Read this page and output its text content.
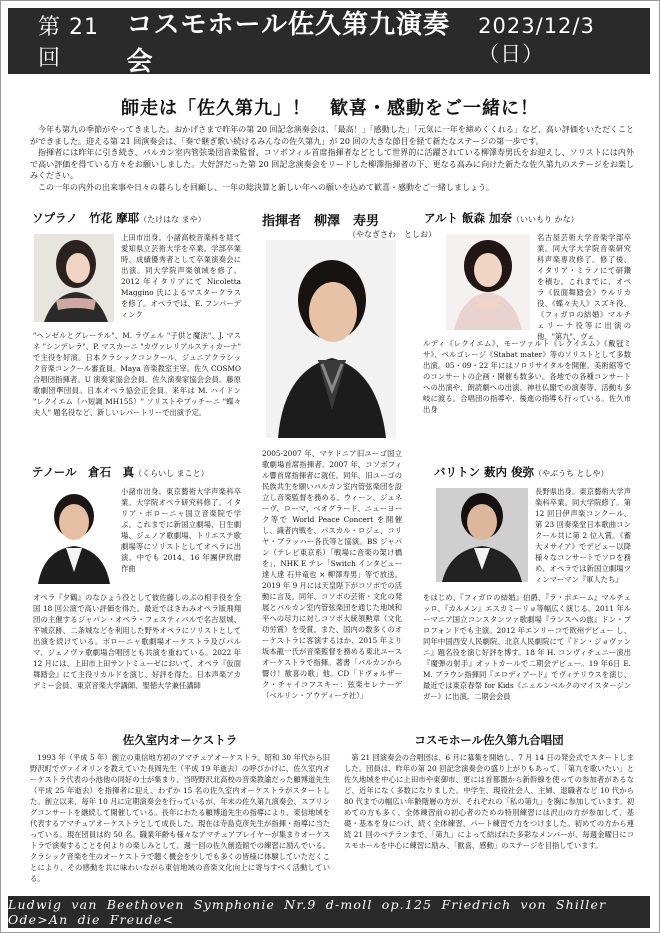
第 21 回
コスモホール佐久第九演奏会
2023/12/3（日）
師走は「佐久第九」！　歓喜・感動をご一緒に！

今年も第九の季節がやってきました。おかげさまで昨年の第 20 回記念演奏会は、「最高！」「感動した」「元気に一年を締めくくれる」など、高い評価をいただくことができました。迎える第 21 回演奏会は、「奏で継ぎ歌い続けるみんなの佐久第九」が 20 回の大きな節目を経て新たなステージの第一歩です。

指揮者には昨年に引き続き、パルカン室内管弦楽団音楽監督、コソボフィル首席指揮者などとして世界的に活躍されている柳澤寿男氏をお迎えし、ソリストには内外で高い評価を得ている方々をお願いしました。大好評だった第 20 回記念演奏会をリードした柳澤指揮者の下、更なる高みに向けた新たな佐久第九のステージをお楽しみください。

この一年の内外の出来事や日々の暮らしを回顧し、一年の総決算と新しい年への願いを込めて歓喜・感動をご一緒しましょう。

ソプラノ　竹花 摩耶（たけはな まや）

上田市出身。小諸高校音楽科を経て愛知県立芸術大学を卒業。学部卒業時、成績優秀者として卒業演奏会に出演。同大学院声楽領域を修了。2012 年イタリアにて Nicoletta Maggino 氏によるマスタークラスを修了。オペラでは、E. フンパーディンク

"ヘンゼルとグレーテル"、M. ラヴェル "子供と魔法"、J. マスネ "シンデレラ"、P. マスカーニ "カヴァレリアルスティカーナ" で主役を好演。日本クラシックコンクール、ジュニアクラシック音楽コンクール審査員。Maya 音楽教室主宰。佐久 COSMO 合唱団指揮者。U 演奏家協会会員。佐久演奏家協会会員。藤原歌劇団準団員。日本オペラ協会正会員。来年は M. ハイドン "レクイエム（ハ短調 MH155）" ソリストやプッチーニ "蝶々夫人" 題名役など、新しいレパートリーで出演予定。

指揮者　柳澤　寿男
（やなぎさわ　としお）

2005-2007 年、マケドニア旧ユーゴ国立歌劇場首席指揮者。2007 年、コソボフィル響首席指揮者に就任。同年、旧ユーゴの民族共生を願いバルカン室内管弦楽団を設立し音楽監督を務める。ウィーン、ジュネーヴ、ローマ、ベオグラード、ニューヨーク等で World Peace Concert を開催し、識者内戦を、パスカル・ロジェ、コリヤ・ブラッハー各氏等と協演。BS ジャパン（テレビ東京系）「戦場に音楽の架け橋を」、NHK E テレ「Switch インタビュー達人達 石井竜也 × 柳澤寿男」等で放送。2019 年 9 月には天皇陛下がコソボでの活動に言及。同年、コソボの芸術・文化の発展とバルカン室内管弦楽団を通じた地域和平への尽力に対しコソボ大統領勲章（文化功労賞）を受賞。また、国内の数多くのオーケストラに客演するほか、2015 年より坂本龍一氏が音楽監督を務める東北ユースオーケストラで指揮。著書「バルカンから響け！歓喜の歌」他。CD「ドヴォルザーク・チャイコフスキー：弦楽セレナーデ（ベルリン・アウディーテ社）」

アルト 飯森 加奈（いいもり かな）

名古屋芸術大学音楽学部卒業。同大学大学院音楽研究科声楽専攻修了。修了後、イタリア・ミラノにて研鑽を積む。これまでに、オペラ《仮面舞踏会》ウルリカ役、《蝶々夫人》スズキ役、《フィガロの結婚》マルチェリーナ役等に出演の他、"第九"、ヴェ

ルディ《レクイエム》、モーツァルト《レクイエム》《戴冠ミサ》、ペルゴレージ《Stabat mater》等のソリストとして多数出演。05・09・22 年にはソロリサイタルを開催。美術館等でのコンサートの企画・開催も数多い。各地での各種コンサートへの出演や、朗読劇への出演、神社仏閣での演奏等、活動も多岐に渡る。合唱団の指導や、後進の指導も行っている。佐久市出身

テノール　倉石　真（くらいし まこと）

小諸市出身。東京藝術大学声楽科卒業。大学院オペラ研究科修了。イタリア・ボローニャ国立音楽院で学ぶ。これまでに新国立劇場、日生劇場、ジュノア歌劇場、トリエステ歌劇場等にソリストとしてオペラに出演。中でも 2014、16 年團伊玖磨作曲

オペラ『夕鶴』のなひょう役として彼佐藤しのぶの相手役を全国 18 回公演で高い評価を得た。最近ではきわみオペラ版飛翔団の主催するジャパン・オペラ・フェスティバルで名古屋城、平城京跡、二条城などを利用した野外オペラにソリストとして出演を続けている。ボローニャ歌劇場オーケストラ及びパルマ、ジェノヴァ歌劇場合唱団とも共演を重ねている。2022 年 12 月には、上田市上田サントミューゼにおいて、オペラ『仮面舞踏会』にて主役リカルドを演じ、好評を得た。日本声楽アカデミー会員、東京音楽大学講師、聖徳大学兼任講師

バリトン 薮内 俊弥（やぶうち としや）

長野県出身。東京藝術大学声楽科卒業。同大学院修了。第 12 回日伊声楽コンクール、第 23 回奏楽堂日本歌曲コンクール共に第 2 位入賞。《蓄大メサイア》でデビュー以降様々なコンサートでソロを務め、オペラでは新国立劇場ツィンマーマン『軍人たち』

をはじめ、『フィガロの結婚』伯爵、『ラ・ボエーム』マルチェッロ、『カルメン』エスカミーリョ等幅広く演じる。2011 年ルーマニア国立コンスタンツァ歌劇場『ランスへの旅』ドン・プロフォンドでも主演。2012 年エンリーコで欧州デビュー し、同年中国西安人民劇院、北京人民劇院にて『ドン・ジョヴァンニ』題名役を演じ好評を博す。18 年 H. コンヴィチュニー演出『魔弾の射手』オットカールで二期会デビュー。19 年6日 E. M. ブラウン指揮同『エロディアード』でヴィテリウスを演じ、最近では東京春祭 for Kids《ニュルンベルクのマイスタージンガー》に出演。二期会会員

佐久室内オーケストラ

1993 年（平成 5 年）創立の東信地方初のアマチュアオーケストラ。昭和 30 年代から旧野沢町でヴァイオリンを教えていた長岡先生（平成 19 年逝去）の呼びかけに、佐久室内オーケストラ代表の小池他の同好の士が集まり、当時野沢北高校の音楽教諭だった顧博道先生（平成 25 年逝去）を指揮者に迎え、わずか 15 名の佐久室内オーケストラがスタートした。創立以来、毎年 10 月に定期演奏会を行っているが、年末の佐久第九演奏会、スプリングコンサートを継続して開催している。長年にわたる顧博道先生の指導により、東信地域を代表するアマチュアオーケストラとして成長した。現在は寺島克彦先生が指揮・指導に当たっている。現在団員は約 50 名。職業年齢も様々なアマチュアプレイヤーが集まりオーケストラで演奏することを何よりの楽しみとして、週一回の佐久創造館での練習に励んでいる。クラシック音楽を生のオーケストラで聴く機会を少しでも多くの皆様に体験していただくことにより、その感動を共に味わいながら東信地域の音楽文化向上に寄与すべく活動している。

コスモホール佐久第九合唱団

第 21 回演奏会の合唱団は、6 月に募集を開始し、7 月 14 日の発会式でスタートしました。団員は、昨年の第 20 回記念演奏会の盛り上がりもあって、「第九を歌いたい」と佐久地域を中心に上田市や東御市、更には首都圏から新幹線を使っての参加者があるなど、近年になく多数になりました。中学生、現役社会人、主婦、退職者など 10 代から 80 代までの幅広い年齢階層の方が、それぞれの「私の第九」を胸に参加しています。初めての方も多く、全体練習前の初心者のための特別練習には沢山の方が参加して、基礎・基本を身につけ、続く全体練習、パート練習で力をつけました。初めての方から連続 21 回のベテランまで、「第九」によって結ばれた多彩なメンバーが、毎週金曜日にコスモホールを中心に練習に励み、「歓喜、感動」のステージを目指しています。

Ludwig van Beethoven Symphonie Nr.9 d-moll op.125 Friedrich von Shiller Ode>An die Freude<
